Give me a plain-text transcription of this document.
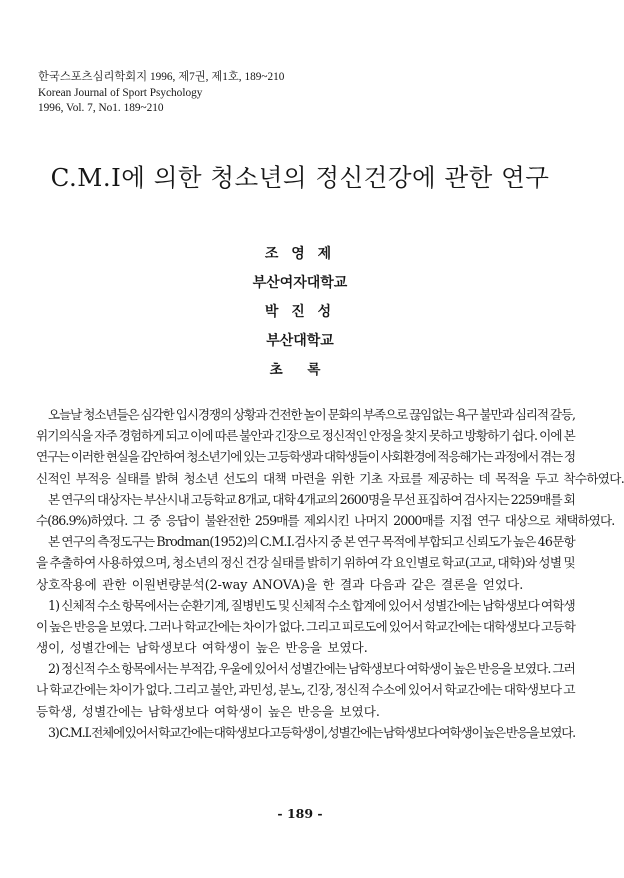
한국스포츠심리학회지 1996, 제7권, 제1호, 189~210
Korean Journal of Sport Psychology
1996, Vol. 7, No1. 189~210
C.M.I에 의한 청소년의 정신건강에 관한 연구
조 영 제
부산여자대학교
박 진 성
부산대학교
초 록
오늘날 청소년들은 심각한 입시경쟁의 상황과 건전한 놀이 문화의 부족으로 끊임없는 욕구 불만과 심리적 갈등,
위기의식을 자주 경험하게 되고 이에 따른 불안과 긴장으로 정신적인 안정을 찾지 못하고 방황하기 쉽다. 이에 본
연구는 이러한 현실을 감안하여 청소년기에 있는 고등학생과 대학생들이 사회환경에 적응해가는 과정에서 겪는 정
신적인 부적응 실태를 밝혀 청소년 선도의 대책 마련을 위한 기초 자료를 제공하는 데 목적을 두고 착수하였다.
본 연구의 대상자는 부산시내 고등학교 8개교, 대학 4개교의 2600명을 무선 표집하여 검사지는 2259매를 회
수(86.9%)하였다. 그 중 응답이 불완전한 259매를 제외시킨 나머지 2000매를 지접 연구 대상으로 채택하였다.
본 연구의 측정도구는 Brodman(1952)의 C.M.I.검사지 중 본 연구 목적에 부합되고 신뢰도가 높은 46문항
을 추출하여 사용하였으며, 청소년의 정신 건강 실태를 밝히기 위하여 각 요인별로 학교(고교, 대학)와 성별 및
상호작용에 관한 이원변량분석(2-way ANOVA)을 한 결과 다음과 같은 결론을 얻었다.
1) 신체적 수소 항목에서는 순환기계, 질병빈도 및 신체적 수소 합계에 있어서 성별간에는 남학생보다 여학생
이 높은 반응을 보였다. 그러나 학교간에는 차이가 없다. 그리고 피로도에 있어서 학교간에는 대학생보다 고등학
생이, 성별간에는 남학생보다 여학생이 높은 반응을 보였다.
2) 정신적 수소 항목에서는 부적감, 우울에 있어서 성별간에는 남학생보다 여학생이 높은 반응을 보였다. 그러
나 학교간에는 차이가 없다. 그리고 불안, 과민성, 분노, 긴장, 정신적 수소에 있어서 학교간에는 대학생보다 고
등학생, 성별간에는 남학생보다 여학생이 높은 반응을 보였다.
3) C.M.I.전체에 있어서 학교간에는 대학생보다 고등학생이, 성별간에는 남학생보다 여학생이 높은 반응을 보였다.
- 189 -
